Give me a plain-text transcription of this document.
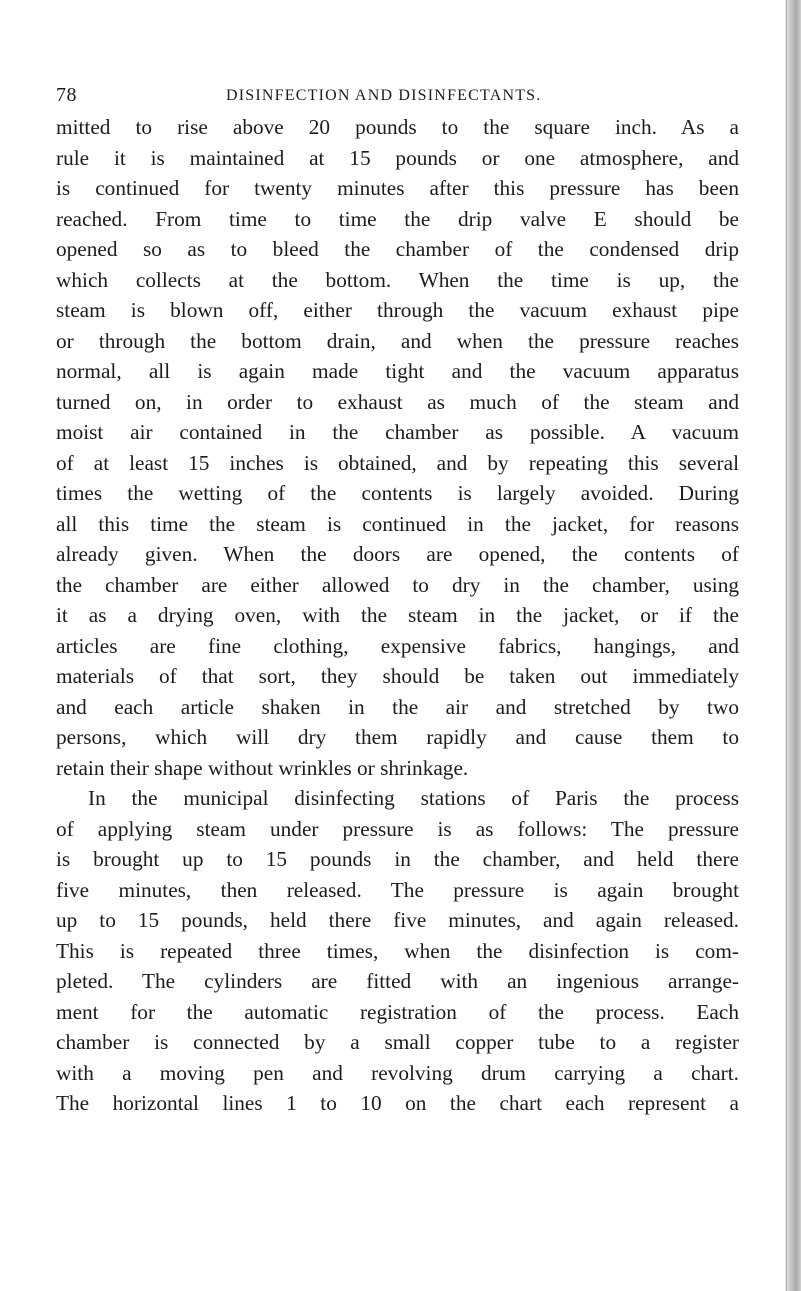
78	DISINFECTION AND DISINFECTANTS.
mitted to rise above 20 pounds to the square inch. As a
rule it is maintained at 15 pounds or one atmosphere, and
is continued for twenty minutes after this pressure has been
reached. From time to time the drip valve E should be
opened so as to bleed the chamber of the condensed drip
which collects at the bottom. When the time is up, the
steam is blown off, either through the vacuum exhaust pipe
or through the bottom drain, and when the pressure reaches
normal, all is again made tight and the vacuum apparatus
turned on, in order to exhaust as much of the steam and
moist air contained in the chamber as possible. A vacuum
of at least 15 inches is obtained, and by repeating this several
times the wetting of the contents is largely avoided. During
all this time the steam is continued in the jacket, for reasons
already given. When the doors are opened, the contents of
the chamber are either allowed to dry in the chamber, using
it as a drying oven, with the steam in the jacket, or if the
articles are fine clothing, expensive fabrics, hangings, and
materials of that sort, they should be taken out immediately
and each article shaken in the air and stretched by two
persons, which will dry them rapidly and cause them to
retain their shape without wrinkles or shrinkage.
In the municipal disinfecting stations of Paris the process
of applying steam under pressure is as follows: The pressure
is brought up to 15 pounds in the chamber, and held there
five minutes, then released. The pressure is again brought
up to 15 pounds, held there five minutes, and again released.
This is repeated three times, when the disinfection is com-
pleted. The cylinders are fitted with an ingenious arrange-
ment for the automatic registration of the process. Each
chamber is connected by a small copper tube to a register
with a moving pen and revolving drum carrying a chart.
The horizontal lines 1 to 10 on the chart each represent a
